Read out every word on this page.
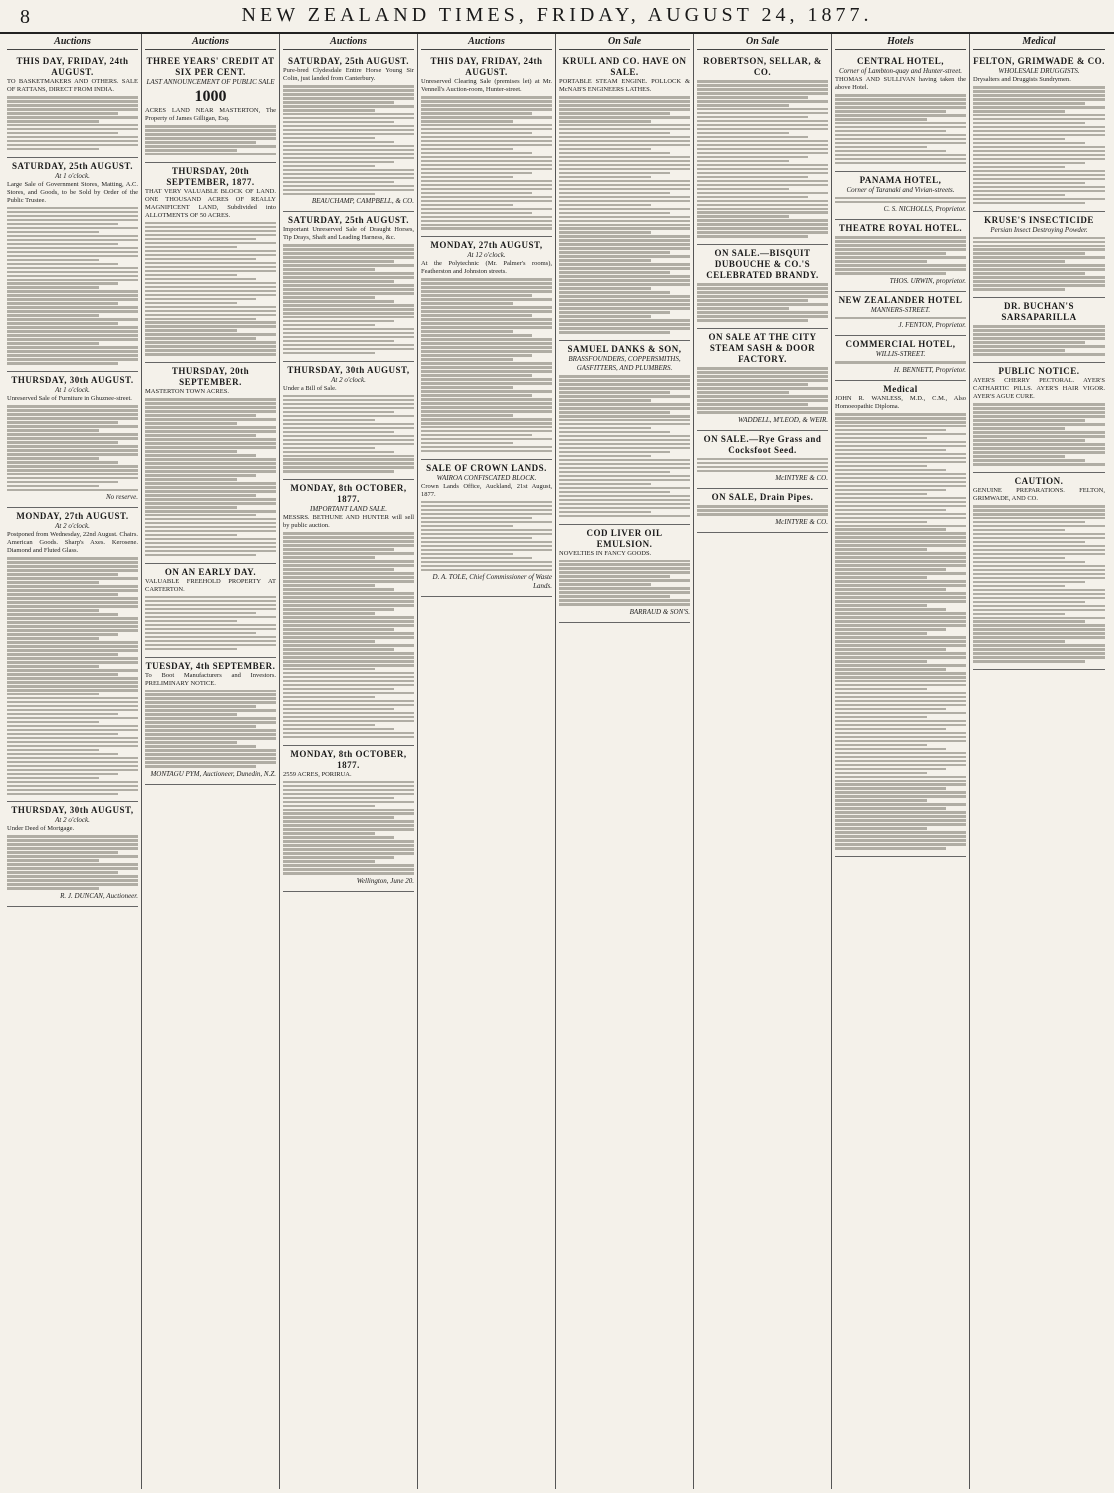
8	NEW ZEALAND TIMES, FRIDAY, AUGUST 24, 1877.
Auctions
THIS DAY, FRIDAY, 24th AUGUST.
TO BASKETMAKERS AND OTHERS. SALE OF RATTANS, DIRECT FROM INDIA.
SATURDAY, 25th AUGUST.
At 1 o'clock.
Large Sale of Government Stores, Matting, A.C. Stores, and Goods, to be Sold by Order of the Public Trustee.
THURSDAY, 30th AUGUST.
At 1 o'clock.
Unreserved Sale of Furniture in Ghuznee-street.
No reserve.
MONDAY, 27th AUGUST.
At 2 o'clock.
Postponed from Wednesday, 22nd August. Chairs. American Goods. Sharp's Axes. Kerosene. Diamond and Fluted Glass.
THURSDAY, 30th AUGUST,
At 2 o'clock.
Under Deed of Mortgage.
R. J. DUNCAN, Auctioneer.
Auctions
THREE YEARS' CREDIT AT SIX PER CENT.
LAST ANNOUNCEMENT OF PUBLIC SALE
1000
ACRES LAND NEAR MASTERTON, The Property of James Gilligan, Esq.
THURSDAY, 20th SEPTEMBER, 1877.
THAT VERY VALUABLE BLOCK OF LAND. ONE THOUSAND ACRES OF REALLY MAGNIFICENT LAND, Subdivided into ALLOTMENTS OF 50 ACRES.
THURSDAY, 20th SEPTEMBER.
MASTERTON TOWN ACRES.
ON AN EARLY DAY.
VALUABLE FREEHOLD PROPERTY AT CARTERTON.
TUESDAY, 4th SEPTEMBER.
To Boot Manufacturers and Investors. PRELIMINARY NOTICE.
MONTAGU PYM, Auctioneer, Dunedin, N.Z.
Auctions
SATURDAY, 25th AUGUST.
Pure-bred Clydesdale Entire Horse Young Sir Colin, just landed from Canterbury.
BEAUCHAMP, CAMPBELL, & CO.
SATURDAY, 25th AUGUST.
Important Unreserved Sale of Draught Horses, Tip Drays, Shaft and Leading Harness, &c.
THURSDAY, 30th AUGUST,
At 2 o'clock.
Under a Bill of Sale.
MONDAY, 8th OCTOBER, 1877.
IMPORTANT LAND SALE.
MESSRS. BETHUNE AND HUNTER will sell by public auction.
MONDAY, 8th OCTOBER, 1877.
2559 ACRES, PORIRUA.
Wellington, June 20.
Auctions
THIS DAY, FRIDAY, 24th AUGUST.
Unreserved Clearing Sale (premises let) at Mr. Vennell's Auction-room, Hunter-street.
MONDAY, 27th AUGUST,
At 12 o'clock.
At the Polytechnic (Mr. Palmer's rooms), Featherston and Johnston streets.
SALE OF CROWN LANDS.
WAIROA CONFISCATED BLOCK.
Crown Lands Office, Auckland, 21st August, 1877.
D. A. TOLE, Chief Commissioner of Waste Lands.
On Sale
KRULL AND CO. HAVE ON SALE.
PORTABLE STEAM ENGINE. POLLOCK & McNAB'S ENGINEERS LATHES.
SAMUEL DANKS & SON,
BRASSFOUNDERS, COPPERSMITHS, GASFITTERS, AND PLUMBERS.
COD LIVER OIL EMULSION.
NOVELTIES IN FANCY GOODS.
BARRAUD & SON'S.
On Sale
ROBERTSON, SELLAR, & CO.
ON SALE.—BISQUIT DUBOUCHE & CO.'S CELEBRATED BRANDY.
ON SALE AT THE CITY STEAM SASH & DOOR FACTORY.
WADDELL, M'LEOD, & WEIR.
ON SALE.—Rye Grass and Cocksfoot Seed.
McINTYRE & CO.
ON SALE, Drain Pipes.
McINTYRE & CO.
Hotels
CENTRAL HOTEL,
Corner of Lambton-quay and Hunter-street.
THOMAS AND SULLIVAN having taken the above Hotel.
PANAMA HOTEL,
Corner of Taranaki and Vivian-streets.
C. S. NICHOLLS, Proprietor.
THEATRE ROYAL HOTEL.
THOS. URWIN, proprietor.
NEW ZEALANDER HOTEL
MANNERS-STREET.
J. FENTON, Proprietor.
COMMERCIAL HOTEL,
WILLIS-STREET.
H. BENNETT, Proprietor.
Medical
JOHN R. WANLESS, M.D., C.M., Also Homoeopathic Diploma.
Medical
FELTON, GRIMWADE & CO.
WHOLESALE DRUGGISTS.
Drysalters and Druggists Sundrymen.
KRUSE'S INSECTICIDE
Persian Insect Destroying Powder.
DR. BUCHAN'S SARSAPARILLA
PUBLIC NOTICE.
AYER'S CHERRY PECTORAL. AYER'S CATHARTIC PILLS. AYER'S HAIR VIGOR. AYER'S AGUE CURE.
CAUTION.
GENUINE PREPARATIONS. FELTON, GRIMWADE, AND CO.
